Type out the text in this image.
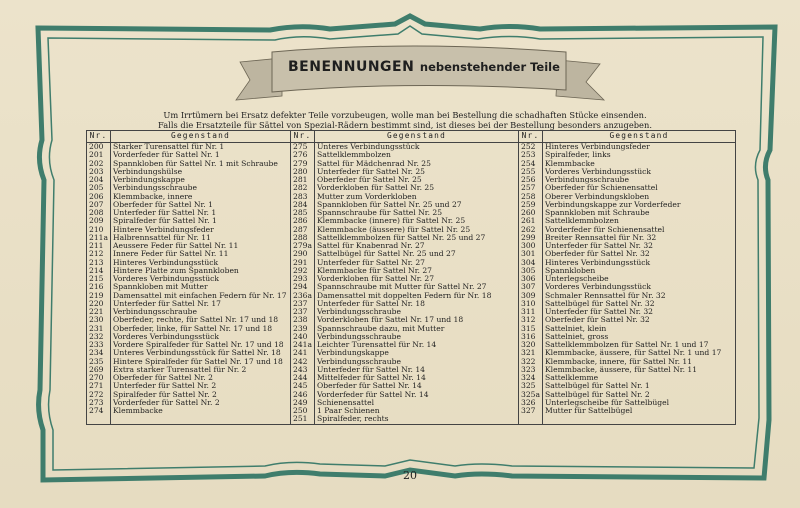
BENENNUNGEN nebenstehender Teile
Um Irrtümern bei Ersatz defekter Teile vorzubeugen, wolle man bei Bestellung die schadhaften Stücke einsenden.
Falls die Ersatzteile für Sättel von Spezial-Rädern bestimmt sind, ist dieses bei der Bestellung besonders anzugeben.
Nr.	Gegenstand	Nr.	Gegenstand	Nr.	Gegenstand
200	Starker Turensattel für Nr. 1	275	Unteres Verbindungsstück	252	Hinteres Verbindungsfeder
201	Vorderfeder für Sattel Nr. 1	276	Sattelklemmbolzen	253	Spiralfeder, links
202	Spannkloben für Sattel Nr. 1 mit Schraube	279	Sattel für Mädchenrad Nr. 25	254	Klemmbacke
203	Verbindungshülse	280	Unterfeder für Sattel Nr. 25	255	Vorderes Verbindungsstück
204	Verbindungskappe	281	Oberfeder für Sattel Nr. 25	256	Verbindungsschraube
205	Verbindungsschraube	282	Vorderkloben für Sattel Nr. 25	257	Oberfeder für Schienensattel
206	Klemmbacke, innere	283	Mutter zum Vorderkloben	258	Oberer Verbindungskloben
207	Oberfeder für Sattel Nr. 1	284	Spannkloben für Sattel Nr. 25 und 27	259	Verbindungskappe zur Vorderfeder
208	Unterfeder für Sattel Nr. 1	285	Spannschraube für Sattel Nr. 25	260	Spannkloben mit Schraube
209	Spiralfeder für Sattel Nr. 1	286	Klemmbacke (innere) für Sattel Nr. 25	261	Sattelklemmbolzen
210	Hintere Verbindungsfeder	287	Klemmbacke (äussere) für Sattel Nr. 25	262	Vorderfeder für Schienensattel
211a	Halbrennsattel für Nr. 11	288	Sattelklemmbolzen für Sattel Nr. 25 und 27	299	Breiter Rennsattel für Nr. 32
211	Aeussere Feder für Sattel Nr. 11	279a	Sattel für Knabenrad Nr. 27	300	Unterfeder für Sattel Nr. 32
212	Innere Feder für Sattel Nr. 11	290	Sattelbügel für Sattel Nr. 25 und 27	301	Oberfeder für Sattel Nr. 32
213	Hinteres Verbindungsstück	291	Unterfeder für Sattel Nr. 27	304	Hinteres Verbindungsstück
214	Hintere Platte zum Spannkloben	292	Klemmbacke für Sattel Nr. 27	305	Spannkloben
215	Vorderes Verbindungsstück	293	Vorderkloben für Sattel Nr. 27	306	Unterlegscheibe
216	Spannkloben mit Mutter	294	Spannschraube mit Mutter für Sattel Nr. 27	307	Vorderes Verbindungsstück
219	Damensattel mit einfachen Federn für Nr. 17	236a	Damensattel mit doppelten Federn für Nr. 18	309	Schmaler Rennsattel für Nr. 32
220	Unterfeder für Sattel Nr. 17	237	Unterfeder für Sattel Nr. 18	310	Sattelbügel für Sattel Nr. 32
221	Verbindungsschraube	237	Verbindungsschraube	311	Unterfeder für Sattel Nr. 32
230	Oberfeder, rechte, für Sattel Nr. 17 und 18	238	Vorderkloben für Sattel Nr. 17 und 18	312	Oberfeder für Sattel Nr. 32
231	Oberfeder, linke, für Sattel Nr. 17 und 18	239	Spannschraube dazu, mit Mutter	315	Sattelniet, klein
232	Vorderes Verbindungsstück	240	Verbindungsschraube	316	Sattelniet, gross
233	Vordere Spiralfeder für Sattel Nr. 17 und 18	241a	Leichter Turensattel für Nr. 14	320	Sattelklemmbolzen für Sattel Nr. 1 und 17
234	Unteres Verbindungsstück für Sattel Nr. 18	241	Verbindungskappe	321	Klemmbacke, äussere, für Sattel Nr. 1 und 17
235	Hintere Spiralfeder für Sattel Nr. 17 und 18	242	Verbindungsschraube	322	Klemmbacke, innere, für Sattel Nr. 11
269	Extra starker Turensattel für Nr. 2	243	Unterfeder für Sattel Nr. 14	323	Klemmbacke, äussere, für Sattel Nr. 11
270	Oberfeder für Sattel Nr. 2	244	Mittelfeder für Sattel Nr. 14	324	Sattelklemme
271	Unterfeder für Sattel Nr. 2	245	Oberfeder für Sattel Nr. 14	325	Sattelbügel für Sattel Nr. 1
272	Spiralfeder für Sattel Nr. 2	246	Vorderfeder für Sattel Nr. 14	325a	Sattelbügel für Sattel Nr. 2
273	Vorderfeder für Sattel Nr. 2	249	Schienensattel	326	Unterlegscheibe für Sattelbügel
274	Klemmbacke	250	1 Paar Schienen	327	Mutter für Sattelbügel
		251	Spiralfeder, rechts		
20
